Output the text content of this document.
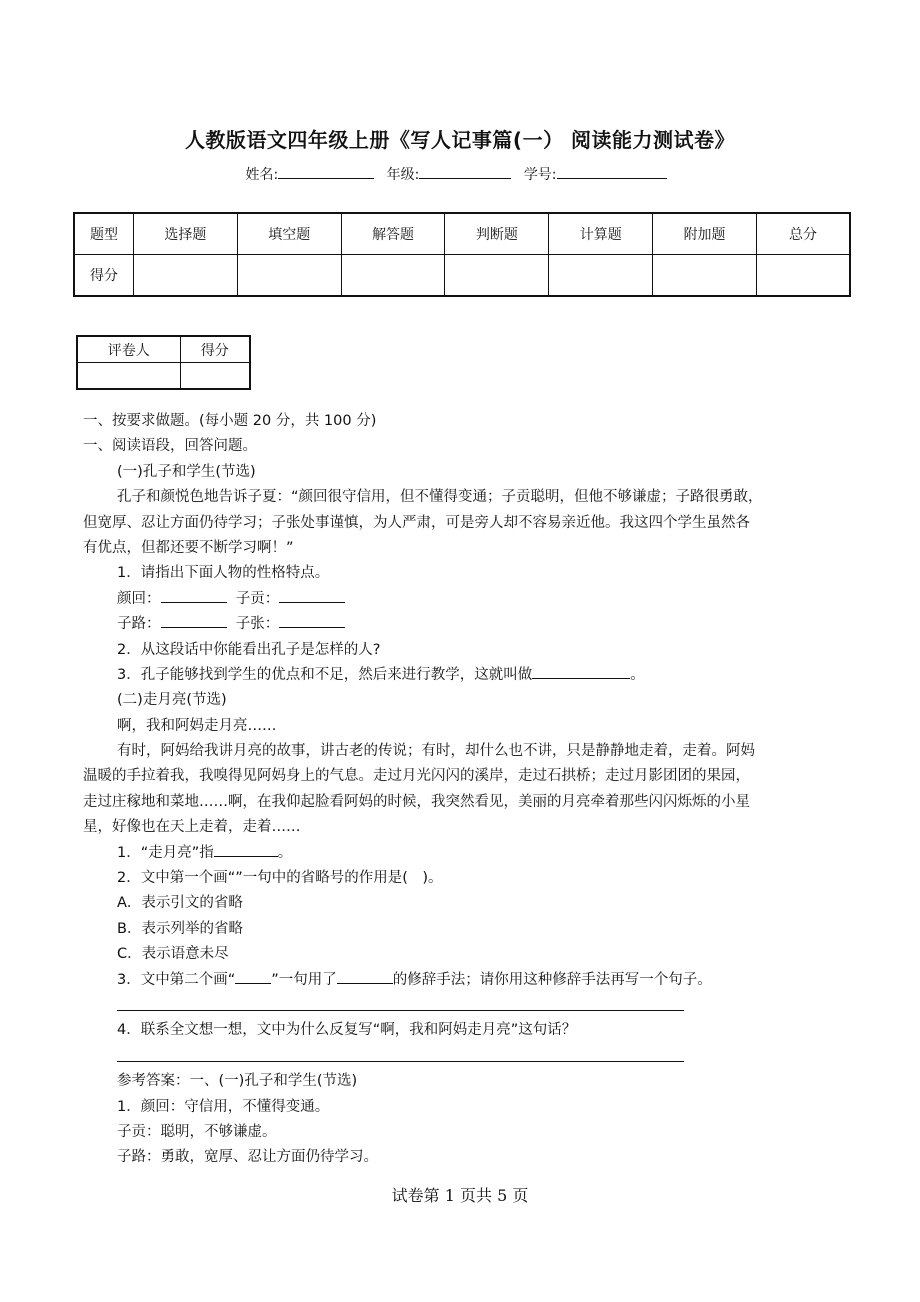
人教版语文四年级上册《写人记事篇(一） 阅读能力测试卷》
姓名:	年级:	学号:
题型	选择题	填空题	解答题	判断题	计算题	附加题	总分
得分							
评卷人	得分

一、按要求做题。(每小题 20 分，共 100 分)
一、阅读语段，回答问题。
(一)孔子和学生(节选)
孔子和颜悦色地告诉子夏：“颜回很守信用，但不懂得变通；子贡聪明，但他不够谦虚；子路很勇敢，
但宽厚、忍让方面仍待学习；子张处事谨慎，为人严肃，可是旁人却不容易亲近他。我这四个学生虽然各
有优点，但都还要不断学习啊！”
1．请指出下面人物的性格特点。
颜回：	子贡：
子路：	子张：
2．从这段话中你能看出孔子是怎样的人?
3．孔子能够找到学生的优点和不足，然后来进行教学，这就叫做	。
(二)走月亮(节选)
啊，我和阿妈走月亮……
有时，阿妈给我讲月亮的故事，讲古老的传说；有时，却什么也不讲，只是静静地走着，走着。阿妈
温暖的手拉着我，我嗅得见阿妈身上的气息。走过月光闪闪的溪岸，走过石拱桥；走过月影团团的果园，
走过庄稼地和菜地……啊，在我仰起脸看阿妈的时候，我突然看见，美丽的月亮牵着那些闪闪烁烁的小星
星，好像也在天上走着，走着……
1．“走月亮”指	。
2．文中第一个画“”一句中的省略号的作用是(　)。
A．表示引文的省略
B．表示列举的省略
C．表示语意未尽
3．文中第二个画“ ”一句用了	的修辞手法；请你用这种修辞手法再写一个句子。
4．联系全文想一想，文中为什么反复写“啊，我和阿妈走月亮”这句话？
参考答案：一、(一)孔子和学生(节选)
1．颜回：守信用，不懂得变通。
子贡：聪明，不够谦虚。
子路：勇敢，宽厚、忍让方面仍待学习。
试卷第 1 页共 5 页
